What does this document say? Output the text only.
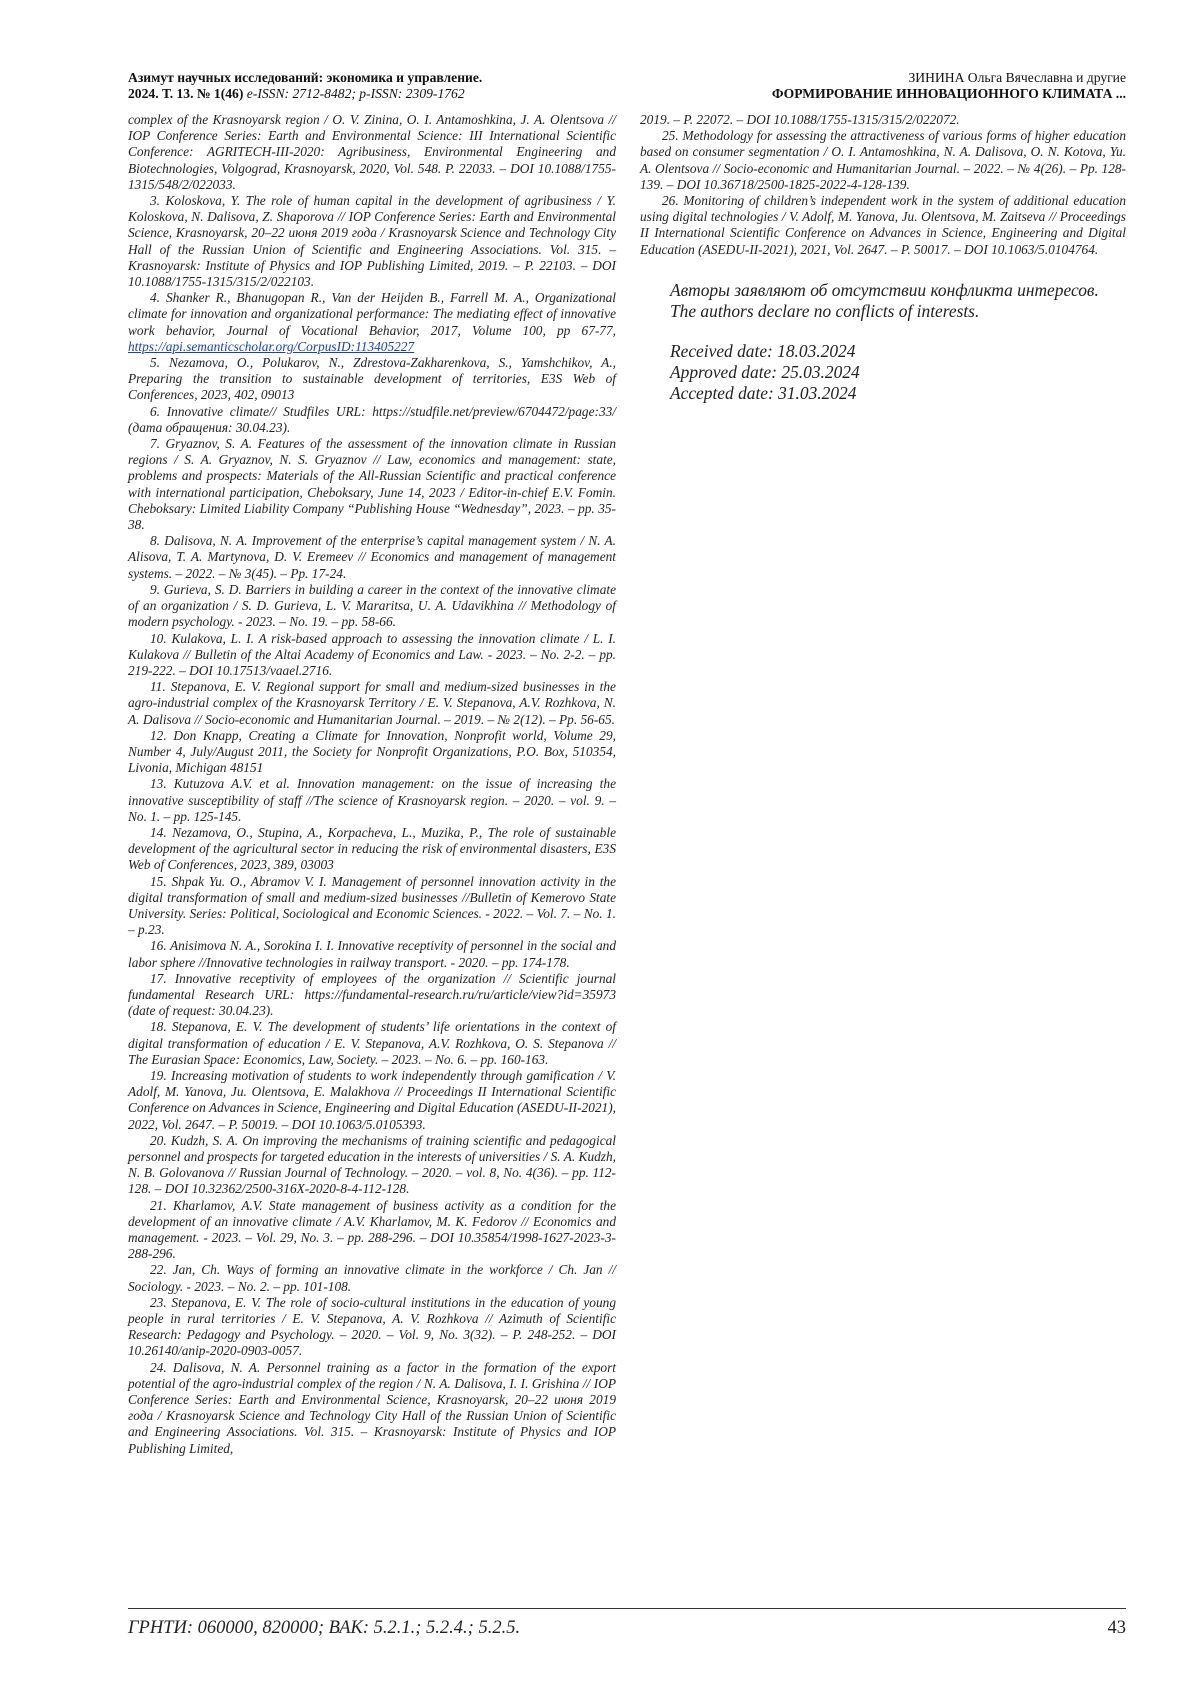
Азимут научных исследований: экономика и управление.
2024. Т. 13. № 1(46) e-ISSN: 2712-8482; p-ISSN: 2309-1762
ЗИНИНА Ольга Вячеславна и другие
ФОРМИРОВАНИЕ ИННОВАЦИОННОГО КЛИМАТА ...

complex of the Krasnoyarsk region / O. V. Zinina, O. I. Antamoshkina, J. A. Olentsova // IOP Conference Series: Earth and Environmental Science: III International Scientific Conference: AGRITECH-III-2020: Agribusiness, Environmental Engineering and Biotechnologies, Volgograd, Krasnoyarsk, 2020, Vol. 548. P. 22033. – DOI 10.1088/1755-1315/548/2/022033.

3. Koloskova, Y. The role of human capital in the development of agribusiness / Y. Koloskova, N. Dalisova, Z. Shaporova // IOP Conference Series: Earth and Environmental Science, Krasnoyarsk, 20–22 июня 2019 года / Krasnoyarsk Science and Technology City Hall of the Russian Union of Scientific and Engineering Associations. Vol. 315. – Krasnoyarsk: Institute of Physics and IOP Publishing Limited, 2019. – P. 22103. – DOI 10.1088/1755-1315/315/2/022103.

4. Shanker R., Bhanugopan R., Van der Heijden B., Farrell M. A., Organizational climate for innovation and organizational performance: The mediating effect of innovative work behavior, Journal of Vocational Behavior, 2017, Volume 100, pp 67-77, https://api.semanticscholar.org/CorpusID:113405227

5. Nezamova, O., Polukarov, N., Zdrestova-Zakharenkova, S., Yamshchikov, A., Preparing the transition to sustainable development of territories, E3S Web of Conferences, 2023, 402, 09013

6. Innovative climate// Studfiles URL: https://studfile.net/preview/6704472/page:33/ (дата обращения: 30.04.23).

7. Gryaznov, S. A. Features of the assessment of the innovation climate in Russian regions / S. A. Gryaznov, N. S. Gryaznov // Law, economics and management: state, problems and prospects: Materials of the All-Russian Scientific and practical conference with international participation, Cheboksary, June 14, 2023 / Editor-in-chief E.V. Fomin. Cheboksary: Limited Liability Company “Publishing House “Wednesday”, 2023. – pp. 35-38.

8. Dalisova, N. A. Improvement of the enterprise’s capital management system / N. A. Alisova, T. A. Martynova, D. V. Eremeev // Economics and management of management systems. – 2022. – № 3(45). – Pp. 17-24.

9. Gurieva, S. D. Barriers in building a career in the context of the innovative climate of an organization / S. D. Gurieva, L. V. Mararitsa, U. A. Udavikhina // Methodology of modern psychology. - 2023. – No. 19. – pp. 58-66.

10. Kulakova, L. I. A risk-based approach to assessing the innovation climate / L. I. Kulakova // Bulletin of the Altai Academy of Economics and Law. - 2023. – No. 2-2. – pp. 219-222. – DOI 10.17513/vaael.2716.

11. Stepanova, E. V. Regional support for small and medium-sized businesses in the agro-industrial complex of the Krasnoyarsk Territory / E. V. Stepanova, A.V. Rozhkova, N. A. Dalisova // Socio-economic and Humanitarian Journal. – 2019. – № 2(12). – Pp. 56-65.

12. Don Knapp, Creating a Climate for Innovation, Nonprofit world, Volume 29, Number 4, July/August 2011, the Society for Nonprofit Organizations, P.O. Box, 510354, Livonia, Michigan 48151

13. Kutuzova A.V. et al. Innovation management: on the issue of increasing the innovative susceptibility of staff //The science of Krasnoyarsk region. – 2020. – vol. 9. – No. 1. – pp. 125-145.

14. Nezamova, O., Stupina, A., Korpacheva, L., Muzika, P., The role of sustainable development of the agricultural sector in reducing the risk of environmental disasters, E3S Web of Conferences, 2023, 389, 03003

15. Shpak Yu. O., Abramov V. I. Management of personnel innovation activity in the digital transformation of small and medium-sized businesses //Bulletin of Kemerovo State University. Series: Political, Sociological and Economic Sciences. - 2022. – Vol. 7. – No. 1. – p.23.

16. Anisimova N. A., Sorokina I. I. Innovative receptivity of personnel in the social and labor sphere //Innovative technologies in railway transport. - 2020. – pp. 174-178.

17. Innovative receptivity of employees of the organization // Scientific journal fundamental Research URL: https://fundamental-research.ru/ru/article/view?id=35973 (date of request: 30.04.23).

18. Stepanova, E. V. The development of students’ life orientations in the context of digital transformation of education / E. V. Stepanova, A.V. Rozhkova, O. S. Stepanova // The Eurasian Space: Economics, Law, Society. – 2023. – No. 6. – pp. 160-163.

19. Increasing motivation of students to work independently through gamification / V. Adolf, M. Yanova, Ju. Olentsova, E. Malakhova // Proceedings II International Scientific Conference on Advances in Science, Engineering and Digital Education (ASEDU-II-2021), 2022, Vol. 2647. – P. 50019. – DOI 10.1063/5.0105393.

20. Kudzh, S. A. On improving the mechanisms of training scientific and pedagogical personnel and prospects for targeted education in the interests of universities / S. A. Kudzh, N. B. Golovanova // Russian Journal of Technology. – 2020. – vol. 8, No. 4(36). – pp. 112-128. – DOI 10.32362/2500-316X-2020-8-4-112-128.

21. Kharlamov, A.V. State management of business activity as a condition for the development of an innovative climate / A.V. Kharlamov, M. K. Fedorov // Economics and management. - 2023. – Vol. 29, No. 3. – pp. 288-296. – DOI 10.35854/1998-1627-2023-3-288-296.

22. Jan, Ch. Ways of forming an innovative climate in the workforce / Ch. Jan // Sociology. - 2023. – No. 2. – pp. 101-108.

23. Stepanova, E. V. The role of socio-cultural institutions in the education of young people in rural territories / E. V. Stepanova, A. V. Rozhkova // Azimuth of Scientific Research: Pedagogy and Psychology. – 2020. – Vol. 9, No. 3(32). – P. 248-252. – DOI 10.26140/anip-2020-0903-0057.

24. Dalisova, N. A. Personnel training as a factor in the formation of the export potential of the agro-industrial complex of the region / N. A. Dalisova, I. I. Grishina // IOP Conference Series: Earth and Environmental Science, Krasnoyarsk, 20–22 июня 2019 года / Krasnoyarsk Science and Technology City Hall of the Russian Union of Scientific and Engineering Associations. Vol. 315. – Krasnoyarsk: Institute of Physics and IOP Publishing Limited,

2019. – P. 22072. – DOI 10.1088/1755-1315/315/2/022072.

25. Methodology for assessing the attractiveness of various forms of higher education based on consumer segmentation / O. I. Antamoshkina, N. A. Dalisova, O. N. Kotova, Yu. A. Olentsova // Socio-economic and Humanitarian Journal. – 2022. – № 4(26). – Pp. 128-139. – DOI 10.36718/2500-1825-2022-4-128-139.

26. Monitoring of children’s independent work in the system of additional education using digital technologies / V. Adolf, M. Yanova, Ju. Olentsova, M. Zaitseva // Proceedings II International Scientific Conference on Advances in Science, Engineering and Digital Education (ASEDU-II-2021), 2021, Vol. 2647. – P. 50017. – DOI 10.1063/5.0104764.

Авторы заявляют об отсутствии конфликта интересов.

The authors declare no conflicts of interests.

Received date: 18.03.2024

Approved date: 25.03.2024

Accepted date: 31.03.2024

ГРНТИ: 060000, 820000; ВАК: 5.2.1.; 5.2.4.; 5.2.5.	43
